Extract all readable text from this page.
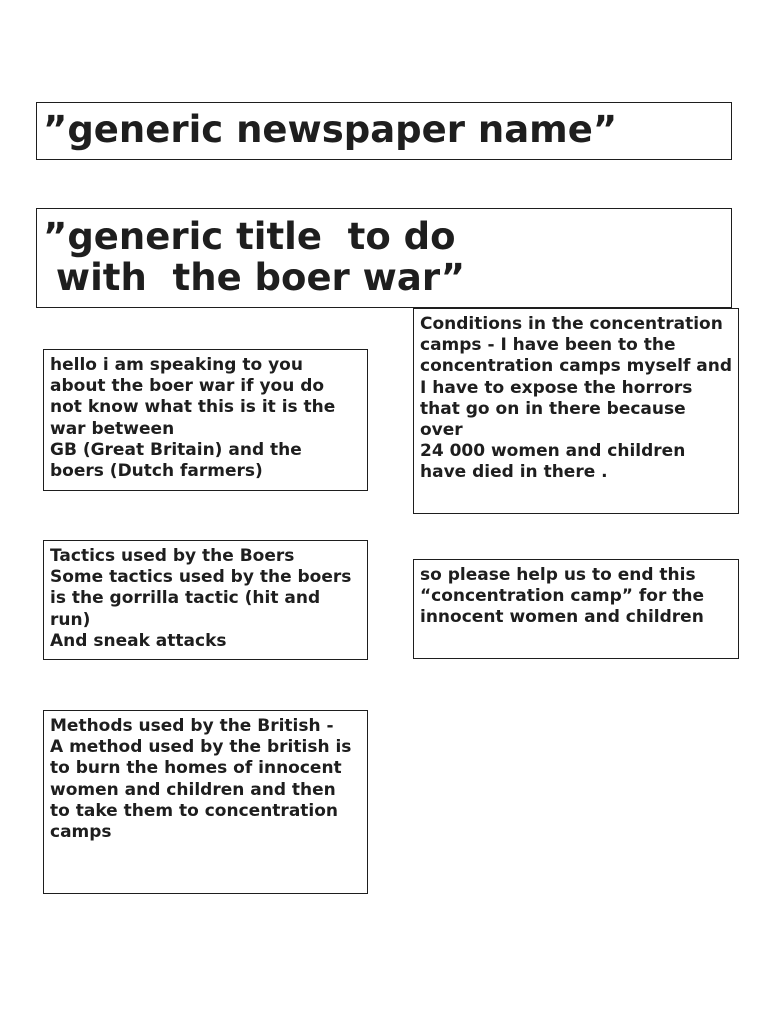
”generic newspaper name”
”generic title  to do
with  the boer war”
hello i am speaking to you about the boer war if you do not know what this is it is the war between
GB (Great Britain) and the boers (Dutch farmers)
Conditions in the concentration camps - I have been to the concentration camps myself and I have to expose the horrors that go on in there because over
24 000 women and children have died in there .
Tactics used by the Boers
Some tactics used by the boers is the gorrilla tactic (hit and run)
And sneak attacks
so please help us to end this “concentration camp” for the innocent women and children
Methods used by the British -
A method used by the british is to burn the homes of innocent women and children and then to take them to concentration camps
